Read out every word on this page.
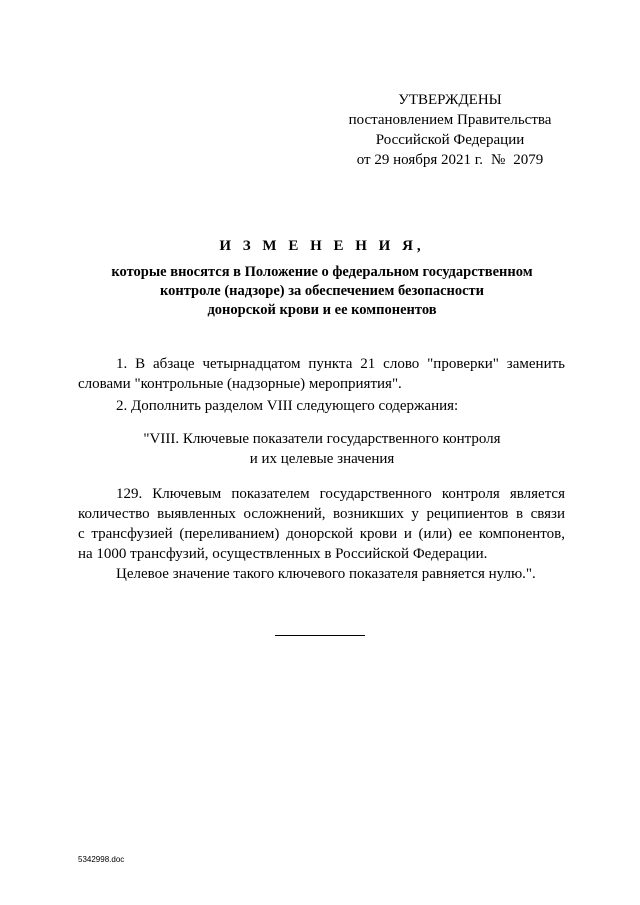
УТВЕРЖДЕНЫ
постановлением Правительства
Российской Федерации
от 29 ноября 2021 г. № 2079
И З М Е Н Е Н И Я,
которые вносятся в Положение о федеральном государственном
контроле (надзоре) за обеспечением безопасности
донорской крови и ее компонентов
1. В абзаце четырнадцатом пункта 21 слово "проверки" заменить
словами "контрольные (надзорные) мероприятия".
2. Дополнить разделом VIII следующего содержания:
"VIII. Ключевые показатели государственного контроля
и их целевые значения
129. Ключевым показателем государственного контроля является
количество выявленных осложнений, возникших у реципиентов в связи
с трансфузией (переливанием) донорской крови и (или) ее компонентов,
на 1000 трансфузий, осуществленных в Российской Федерации.
Целевое значение такого ключевого показателя равняется нулю.".
5342998.doc
